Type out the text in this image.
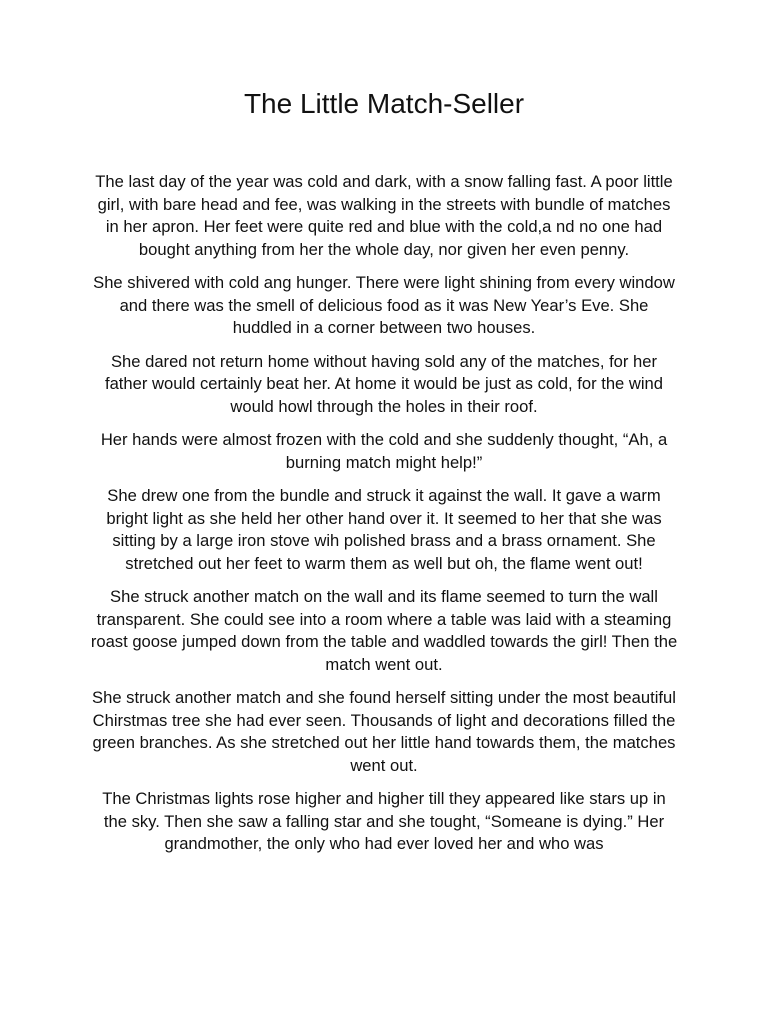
The Little Match-Seller

The last day of the year was cold and dark, with a snow falling fast. A poor little girl, with bare head and fee, was walking in the streets with bundle of matches in her apron. Her feet were quite red and blue with the cold,a nd no one had bought anything from her the whole day, nor given her even penny.

She shivered with cold ang hunger. There were light shining from every window and there was the smell of delicious food as it was New Year’s Eve. She huddled in a corner between two houses.

She dared not return home without having sold any of the matches, for her father would certainly beat her. At home it would be just as cold, for the wind would howl through the holes in their roof.

Her hands were almost frozen with the cold and she suddenly thought, “Ah, a burning match might help!”

She drew one from the bundle and struck it against the wall. It gave a warm bright light as she held her other hand over it. It seemed to her that she was sitting by a large iron stove wih polished brass and a brass ornament. She stretched out her feet to warm them as well but oh, the flame went out!

She struck another match on the wall and its flame seemed to turn the wall transparent. She could see into a room where a table was laid with a steaming roast goose jumped down from the table and waddled towards the girl! Then the match went out.

She struck another match and she found herself sitting under the most beautiful Chirstmas tree she had ever seen. Thousands of light and decorations filled the green branches. As she stretched out her little hand towards them, the matches went out.

The Christmas lights rose higher and higher till they appeared like stars up in the sky. Then she saw a falling star and she tought, “Someane is dying.” Her grandmother, the only who had ever loved her and who was
